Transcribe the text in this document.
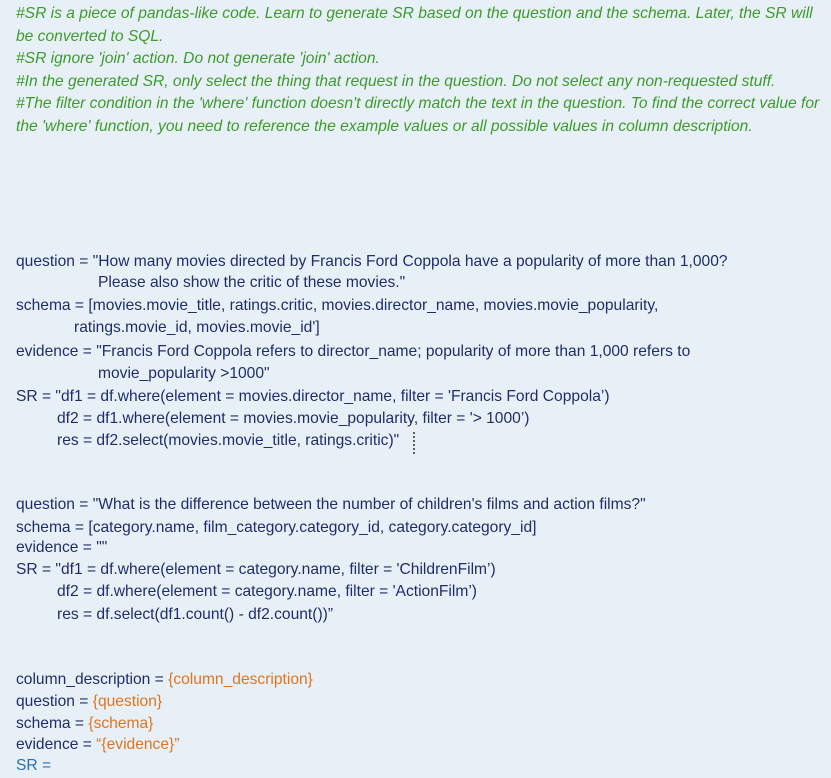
#SR is a piece of pandas-like code. Learn to generate SR based on the question and the schema. Later, the SR will be converted to SQL.

#SR ignore 'join' action. Do not generate 'join' action.

#In the generated SR, only select the thing that request in the question. Do not select any non-requested stuff.

#The filter condition in the 'where' function doesn't directly match the text in the question. To find the correct value for the 'where' function, you need to reference the example values or all possible values in column description.

question = "How many movies directed by Francis Ford Coppola have a popularity of more than 1,000?
Please also show the critic of these movies."
schema = [movies.movie_title, ratings.critic, movies.director_name, movies.movie_popularity,
ratings.movie_id, movies.movie_id']
evidence = "Francis Ford Coppola refers to director_name; popularity of more than 1,000 refers to
movie_popularity >1000"
SR = "df1 = df.where(element = movies.director_name, filter = 'Francis Ford Coppola’)
df2 = df1.where(element = movies.movie_popularity, filter = '> 1000’)
res = df2.select(movies.movie_title, ratings.critic)"
question = "What is the difference between the number of children's films and action films?"
schema = [category.name, film_category.category_id, category.category_id]
evidence = ""
SR = "df1 = df.where(element = category.name, filter = 'ChildrenFilm’)
df2 = df.where(element = category.name, filter = 'ActionFilm’)
res = df.select(df1.count() - df2.count())”
column_description = {column_description}
question = {question}
schema = {schema}
evidence = “{evidence}”
SR =
